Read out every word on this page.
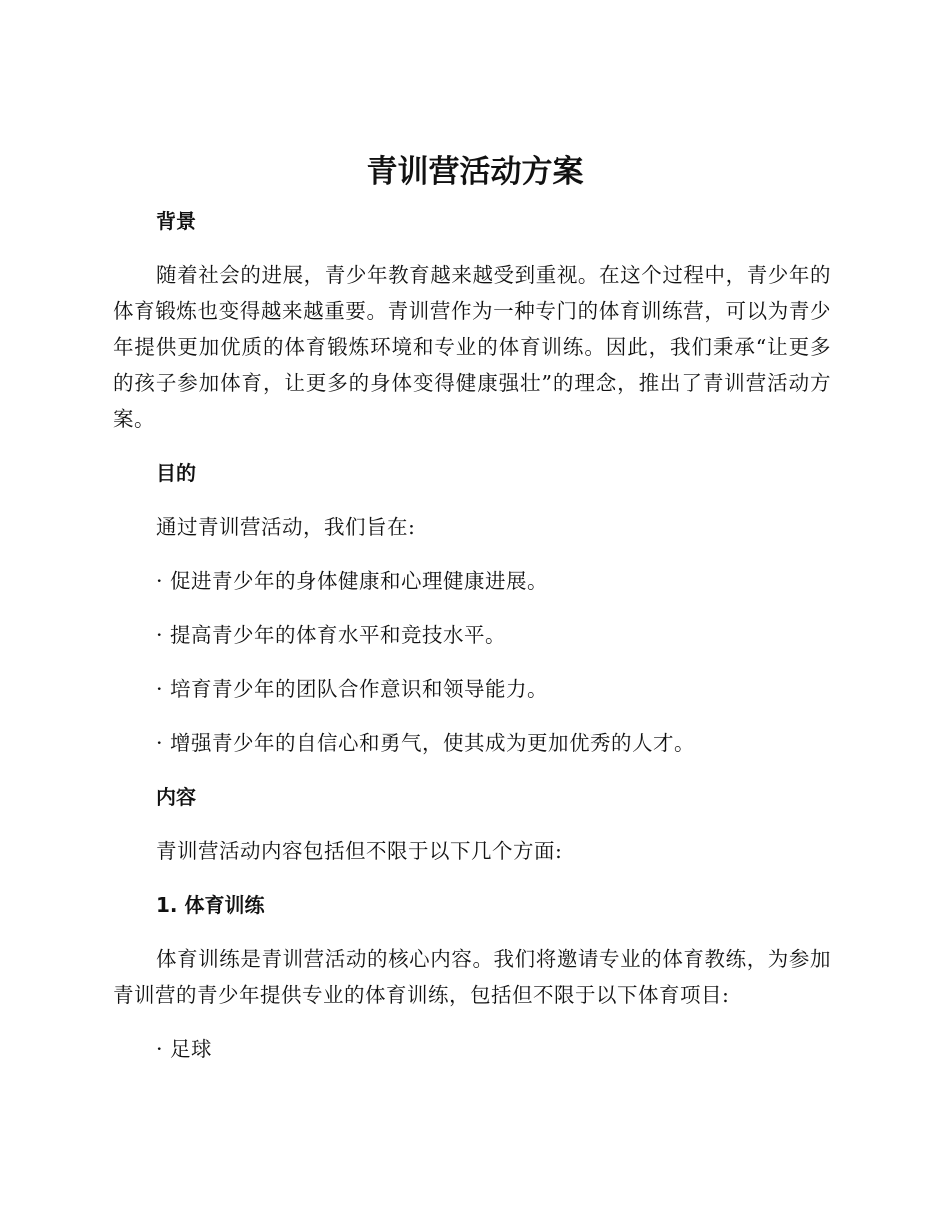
青训营活动方案
背景

随着社会的进展，青少年教育越来越受到重视。在这个过程中，青少年的体育锻炼也变得越来越重要。青训营作为一种专门的体育训练营，可以为青少年提供更加优质的体育锻炼环境和专业的体育训练。因此，我们秉承“让更多的孩子参加体育，让更多的身体变得健康强壮”的理念，推出了青训营活动方案。

目的
通过青训营活动，我们旨在:
· 促进青少年的身体健康和心理健康进展。
· 提高青少年的体育水平和竞技水平。
· 培育青少年的团队合作意识和领导能力。
· 增强青少年的自信心和勇气，使其成为更加优秀的人才。
内容
青训营活动内容包括但不限于以下几个方面:
1. 体育训练

体育训练是青训营活动的核心内容。我们将邀请专业的体育教练，为参加青训营的青少年提供专业的体育训练，包括但不限于以下体育项目:

· 足球
